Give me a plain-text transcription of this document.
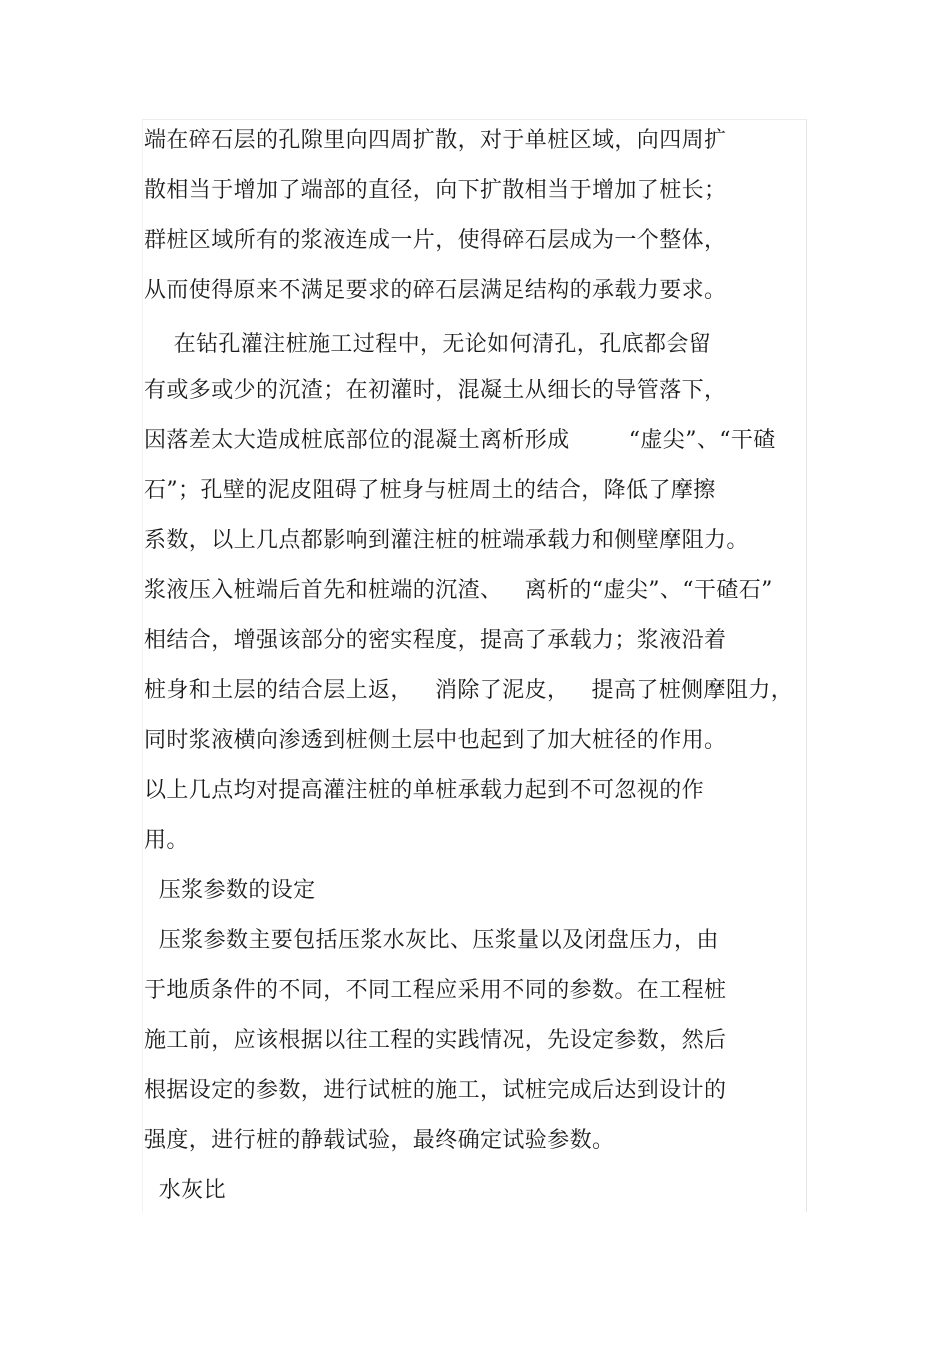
端在碎石层的孔隙里向四周扩散，对于单桩区域，向四周扩
散相当于增加了端部的直径，向下扩散相当于增加了桩长；
群桩区域所有的浆液连成一片，使得碎石层成为一个整体，
从而使得原来不满足要求的碎石层满足结构的承载力要求。
在钻孔灌注桩施工过程中，无论如何清孔，孔底都会留
有或多或少的沉渣；在初灌时，混凝土从细长的导管落下，
因落差太大造成桩底部位的混凝土离析形成        “虚尖”、“干碴
石”；孔壁的泥皮阻碍了桩身与桩周土的结合，降低了摩擦
系数，以上几点都影响到灌注桩的桩端承载力和侧壁摩阻力。
浆液压入桩端后首先和桩端的沉渣、   离析的“虚尖”、“干碴石”
相结合，增强该部分的密实程度，提高了承载力；浆液沿着
桩身和土层的结合层上返，   消除了泥皮，   提高了桩侧摩阻力，
同时浆液横向渗透到桩侧土层中也起到了加大桩径的作用。
以上几点均对提高灌注桩的单桩承载力起到不可忽视的作
用。
压浆参数的设定
压浆参数主要包括压浆水灰比、压浆量以及闭盘压力，由
于地质条件的不同，不同工程应采用不同的参数。在工程桩
施工前，应该根据以往工程的实践情况，先设定参数，然后
根据设定的参数，进行试桩的施工，试桩完成后达到设计的
强度，进行桩的静载试验，最终确定试验参数。
水灰比
